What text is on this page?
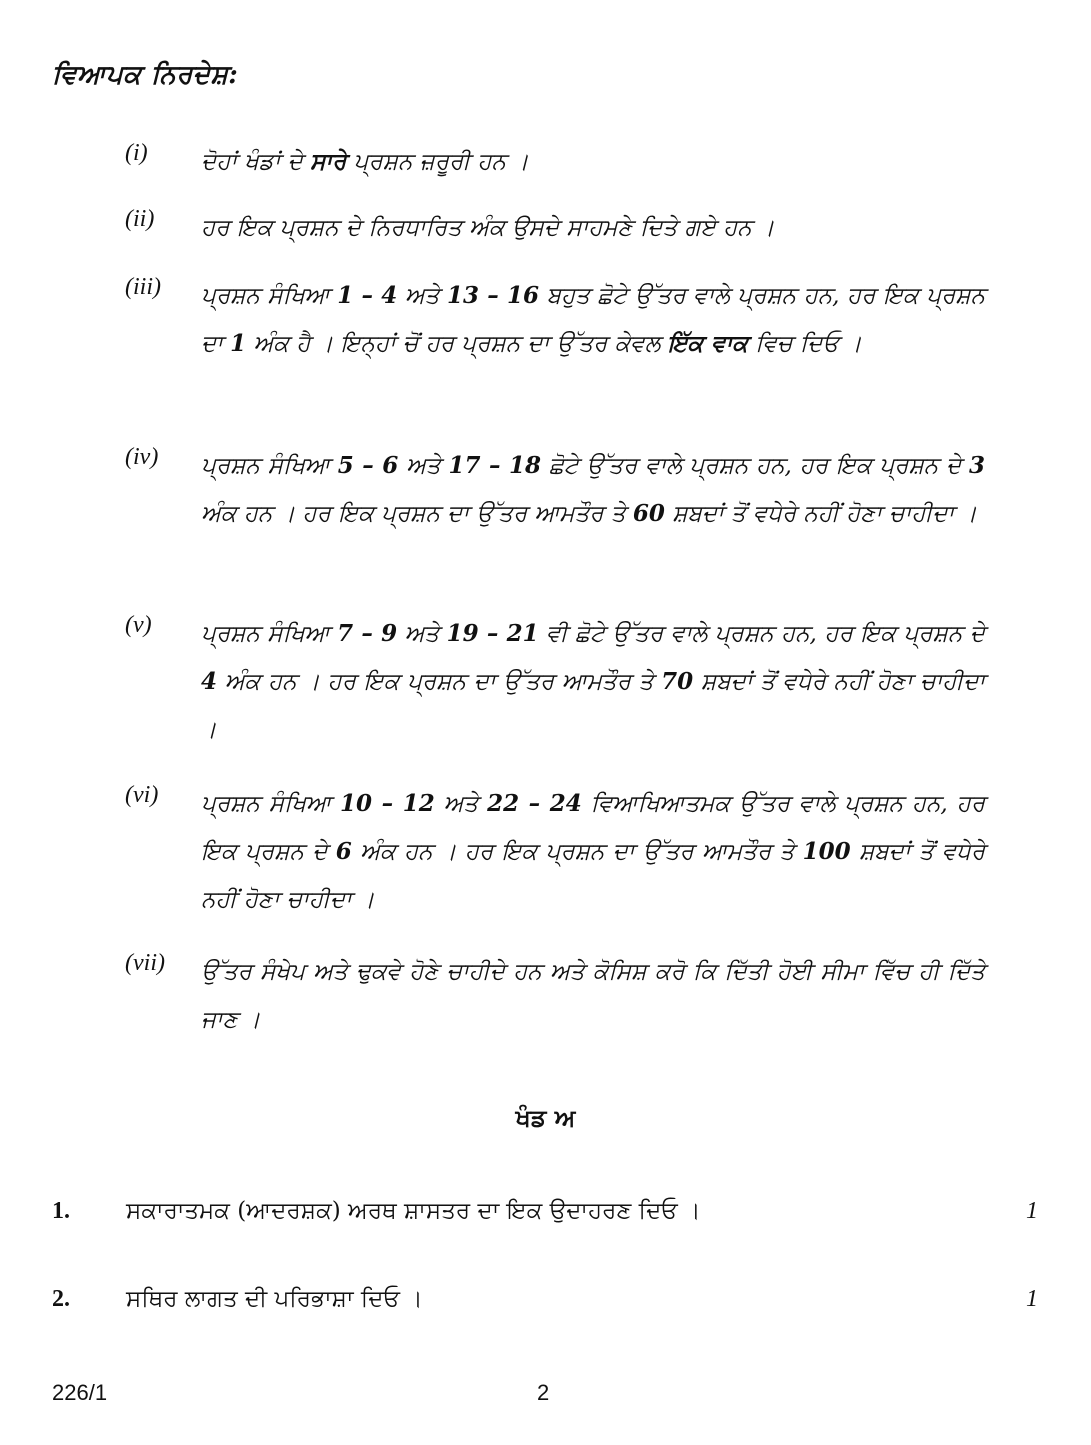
ਵਿਆਪਕ ਨਿਰਦੇਸ਼:
(i) ਦੋਹਾਂ ਖੰਡਾਂ ਦੇ ਸਾਰੇ ਪ੍ਰਸ਼ਨ ਜ਼ਰੂਰੀ ਹਨ ।
(ii) ਹਰ ਇਕ ਪ੍ਰਸ਼ਨ ਦੇ ਨਿਰਧਾਰਿਤ ਅੰਕ ਉਸਦੇ ਸਾਹਮਣੇ ਦਿਤੇ ਗਏ ਹਨ ।
(iii) ਪ੍ਰਸ਼ਨ ਸੰਖਿਆ 1 – 4 ਅਤੇ 13 – 16 ਬਹੁਤ ਛੋਟੇ ਉੱਤਰ ਵਾਲੇ ਪ੍ਰਸ਼ਨ ਹਨ, ਹਰ ਇਕ ਪ੍ਰਸ਼ਨ ਦਾ 1 ਅੰਕ ਹੈ । ਇਨ੍ਹਾਂ ਚੋਂ ਹਰ ਪ੍ਰਸ਼ਨ ਦਾ ਉੱਤਰ ਕੇਵਲ ਇੱਕ ਵਾਕ ਵਿਚ ਦਿਓ ।
(iv) ਪ੍ਰਸ਼ਨ ਸੰਖਿਆ 5 – 6 ਅਤੇ 17 – 18 ਛੋਟੇ ਉੱਤਰ ਵਾਲੇ ਪ੍ਰਸ਼ਨ ਹਨ, ਹਰ ਇਕ ਪ੍ਰਸ਼ਨ ਦੇ 3 ਅੰਕ ਹਨ । ਹਰ ਇਕ ਪ੍ਰਸ਼ਨ ਦਾ ਉੱਤਰ ਆਮਤੌਰ ਤੇ 60 ਸ਼ਬਦਾਂ ਤੋਂ ਵਧੇਰੇ ਨਹੀਂ ਹੋਣਾ ਚਾਹੀਦਾ ।
(v) ਪ੍ਰਸ਼ਨ ਸੰਖਿਆ 7 – 9 ਅਤੇ 19 – 21 ਵੀ ਛੋਟੇ ਉੱਤਰ ਵਾਲੇ ਪ੍ਰਸ਼ਨ ਹਨ, ਹਰ ਇਕ ਪ੍ਰਸ਼ਨ ਦੇ 4 ਅੰਕ ਹਨ । ਹਰ ਇਕ ਪ੍ਰਸ਼ਨ ਦਾ ਉੱਤਰ ਆਮਤੌਰ ਤੇ 70 ਸ਼ਬਦਾਂ ਤੋਂ ਵਧੇਰੇ ਨਹੀਂ ਹੋਣਾ ਚਾਹੀਦਾ ।
(vi) ਪ੍ਰਸ਼ਨ ਸੰਖਿਆ 10 – 12 ਅਤੇ 22 – 24 ਵਿਆਖਿਆਤਮਕ ਉੱਤਰ ਵਾਲੇ ਪ੍ਰਸ਼ਨ ਹਨ, ਹਰ ਇਕ ਪ੍ਰਸ਼ਨ ਦੇ 6 ਅੰਕ ਹਨ । ਹਰ ਇਕ ਪ੍ਰਸ਼ਨ ਦਾ ਉੱਤਰ ਆਮਤੌਰ ਤੇ 100 ਸ਼ਬਦਾਂ ਤੋਂ ਵਧੇਰੇ ਨਹੀਂ ਹੋਣਾ ਚਾਹੀਦਾ ।
(vii) ਉੱਤਰ ਸੰਖੇਪ ਅਤੇ ਢੁਕਵੇ ਹੋਣੇ ਚਾਹੀਦੇ ਹਨ ਅਤੇ ਕੋਸਿਸ਼ ਕਰੋ ਕਿ ਦਿੱਤੀ ਹੋਈ ਸੀਮਾ ਵਿੱਚ ਹੀ ਦਿੱਤੇ ਜਾਣ ।
ਖੰਡ ਅ
1. ਸਕਾਰਾਤਮਕ (ਆਦਰਸ਼ਕ) ਅਰਥ ਸ਼ਾਸਤਰ ਦਾ ਇਕ ਉਦਾਹਰਣ ਦਿਓ ।	1
2. ਸਥਿਰ ਲਾਗਤ ਦੀ ਪਰਿਭਾਸ਼ਾ ਦਿਓ ।	1
226/1	2
